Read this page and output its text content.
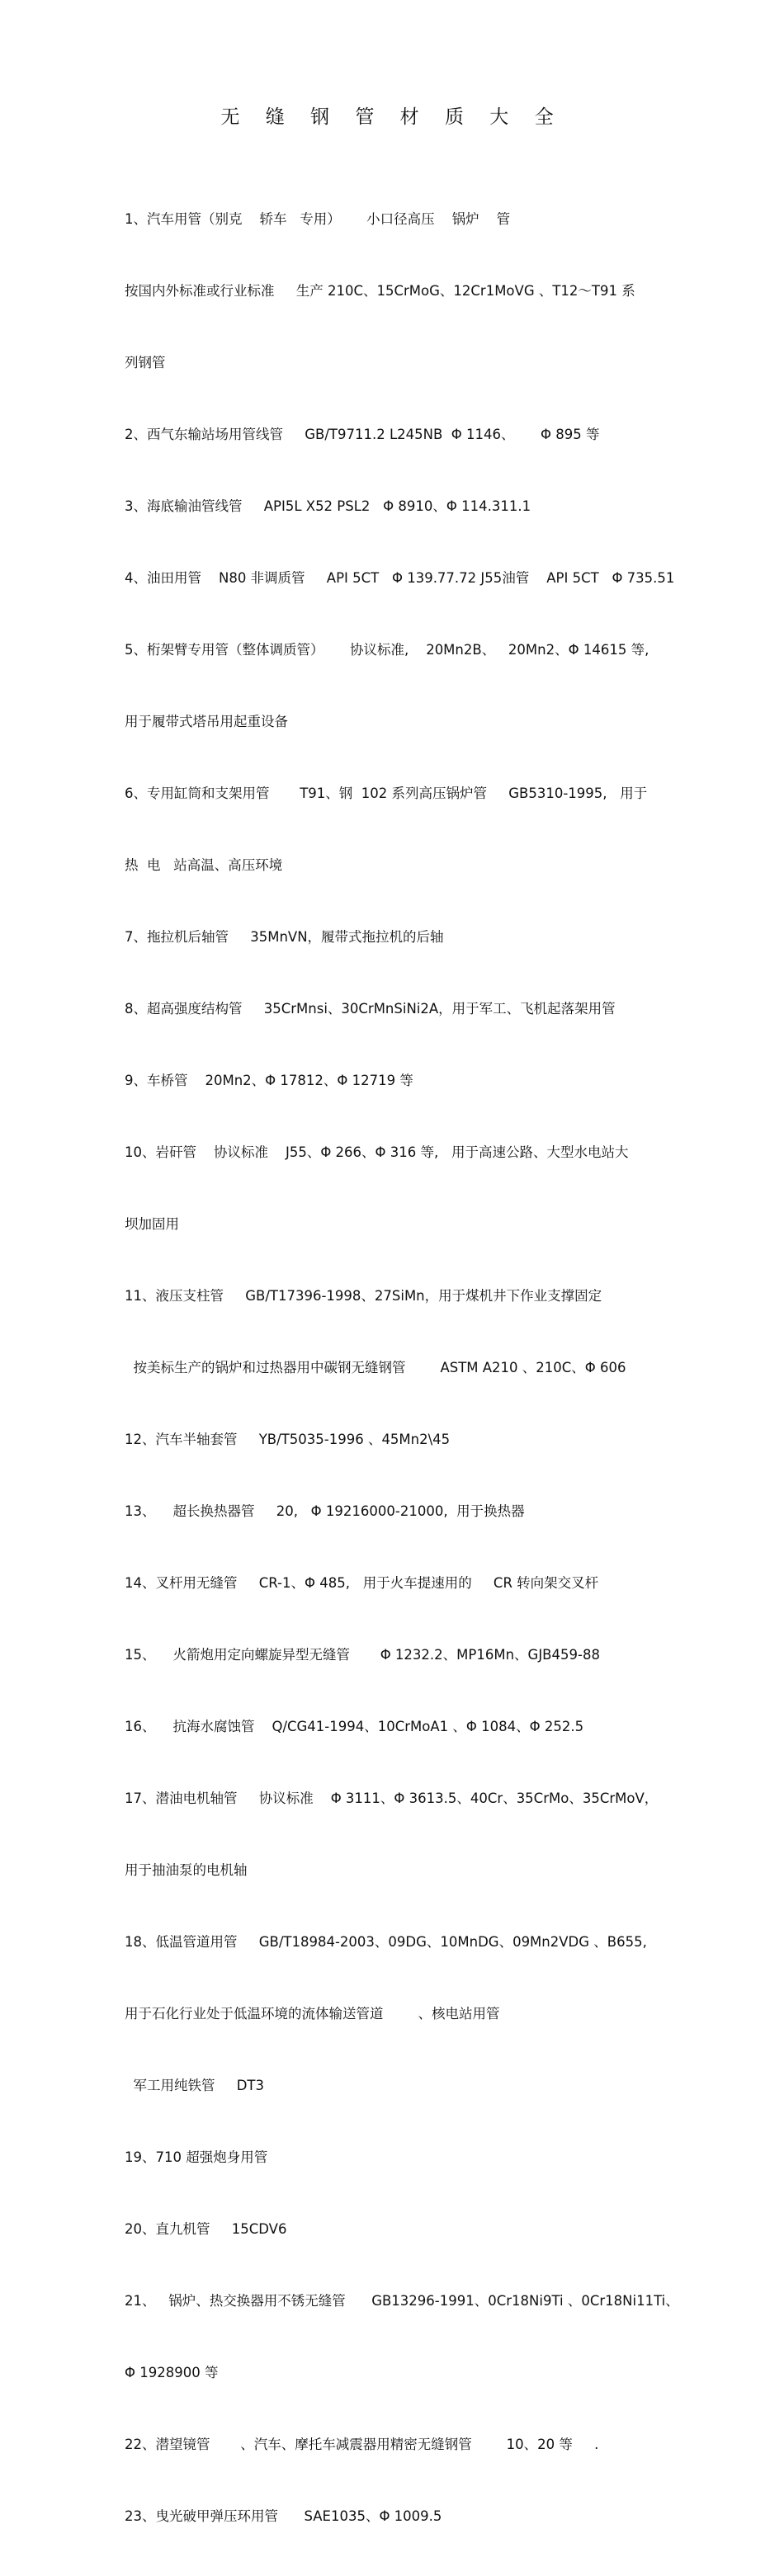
无 缝 钢 管 材 质 大 全

1、汽车用管（别克    轿车   专用）      小口径高压    锅炉    管

按国内外标准或行业标准     生产 210C、15CrMoG、12Cr1MoVG 、T12～T91 系

列钢管

2、西气东输站场用管线管     GB/T9711.2 L245NB  Φ 1146、      Φ 895 等

3、海底输油管线管     API5L X52 PSL2   Φ 8910、Φ 114.311.1

4、油田用管    N80 非调质管     API 5CT   Φ 139.77.72 J55油管    API 5CT   Φ 735.51

5、桁架臂专用管（整体调质管）      协议标准,    20Mn2B、   20Mn2、Φ 14615 等,

用于履带式塔吊用起重设备

6、专用缸筒和支架用管       T91、钢  102 系列高压锅炉管     GB5310-1995,   用于

热  电   站高温、高压环境

7、拖拉机后轴管     35MnVN，履带式拖拉机的后轴

8、超高强度结构管     35CrMnsi、30CrMnSiNi2A，用于军工、飞机起落架用管

9、车桥管    20Mn2、Φ 17812、Φ 12719 等

10、岩矸管    协议标准    J55、Φ 266、Φ 316 等,   用于高速公路、大型水电站大

坝加固用

11、液压支柱管     GB/T17396-1998、27SiMn，用于煤机井下作业支撑固定

按美标生产的锅炉和过热器用中碳钢无缝钢管        ASTM A210 、210C、Φ 606

12、汽车半轴套管     YB/T5035-1996 、45Mn2\45

13、    超长换热器管     20,   Φ 19216000-21000,  用于换热器

14、叉杆用无缝管     CR-1、Φ 485,   用于火车提速用的     CR 转向架交叉杆

15、    火箭炮用定向螺旋异型无缝管       Φ 1232.2、MP16Mn、GJB459-88

16、    抗海水腐蚀管    Q/CG41-1994、10CrMoA1 、Φ 1084、Φ 252.5

17、潜油电机轴管     协议标准    Φ 3111、Φ 3613.5、40Cr、35CrMo、35CrMoV，

用于抽油泵的电机轴

18、低温管道用管     GB/T18984-2003、09DG、10MnDG、09Mn2VDG 、B655,

用于石化行业处于低温环境的流体输送管道        、核电站用管

军工用纯铁管     DT3

19、710 超强炮身用管

20、直九机管     15CDV6

21、   锅炉、热交换器用不锈无缝管      GB13296-1991、0Cr18Ni9Ti 、0Cr18Ni11Ti、

Φ 1928900 等

22、潜望镜管       、汽车、摩托车减震器用精密无缝钢管        10、20 等     .

23、曳光破甲弹压环用管      SAE1035、Φ 1009.5
